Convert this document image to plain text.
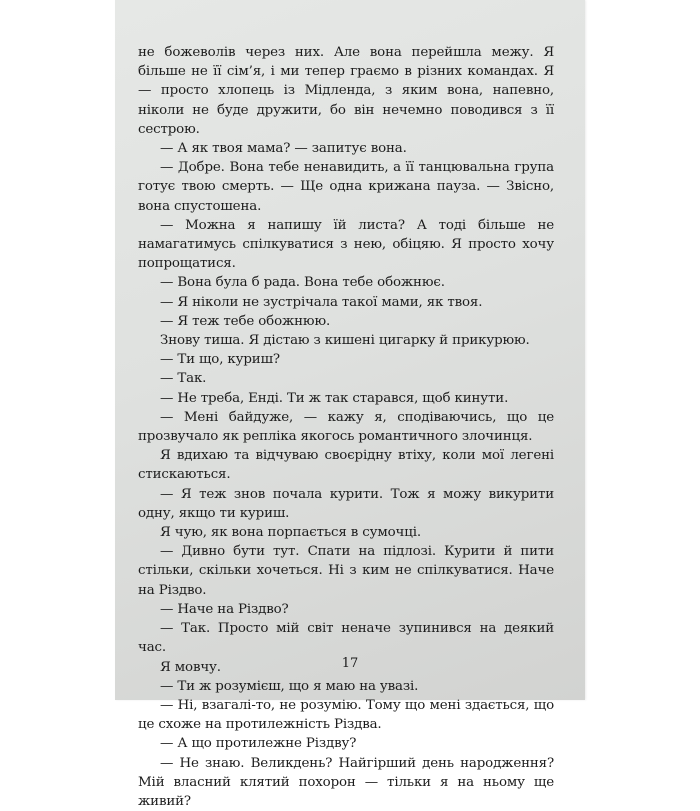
не божеволів через них. Але вона перейшла межу. Я більше не її сім’я, і ми тепер граємо в різних командах. Я — просто хлопець із Мідленда, з яким вона, напевно, ніколи не буде дружити, бо він нечемно поводився з її сестрою.

— А як твоя мама? — запитує вона.

— Добре. Вона тебе ненавидить, а її танцювальна група готує твою смерть. — Ще одна крижана пауза. — Звісно, вона спустошена.

— Можна я напишу їй листа? А тоді більше не намагатимусь спілкуватися з нею, обіцяю. Я просто хочу попрощатися.

— Вона була б рада. Вона тебе обожнює.

— Я ніколи не зустрічала такої мами, як твоя.

— Я теж тебе обожнюю.

Знову тиша. Я дістаю з кишені цигарку й прикурюю.

— Ти що, куриш?

— Так.

— Не треба, Енді. Ти ж так старався, щоб кинути.

— Мені байдуже, — кажу я, сподіваючись, що це прозвучало як репліка якогось романтичного злочинця.

Я вдихаю та відчуваю своєрідну втіху, коли мої легені стискаються.

— Я теж знов почала курити. Тож я можу викурити одну, якщо ти куриш.

Я чую, як вона порпається в сумочці.

— Дивно бути тут. Спати на підлозі. Курити й пити стільки, скільки хочеться. Ні з ким не спілкуватися. Наче на Різдво.

— Наче на Різдво?

— Так. Просто мій світ неначе зупинився на деякий час.

Я мовчу.

— Ти ж розумієш, що я маю на увазі.

— Ні, взагалі-то, не розумію. Тому що мені здається, що це схоже на протилежність Різдва.

— А що протилежне Різдву?

— Не знаю. Великдень? Найгірший день народження? Мій власний клятий похорон — тільки я на ньому ще живий?

17
